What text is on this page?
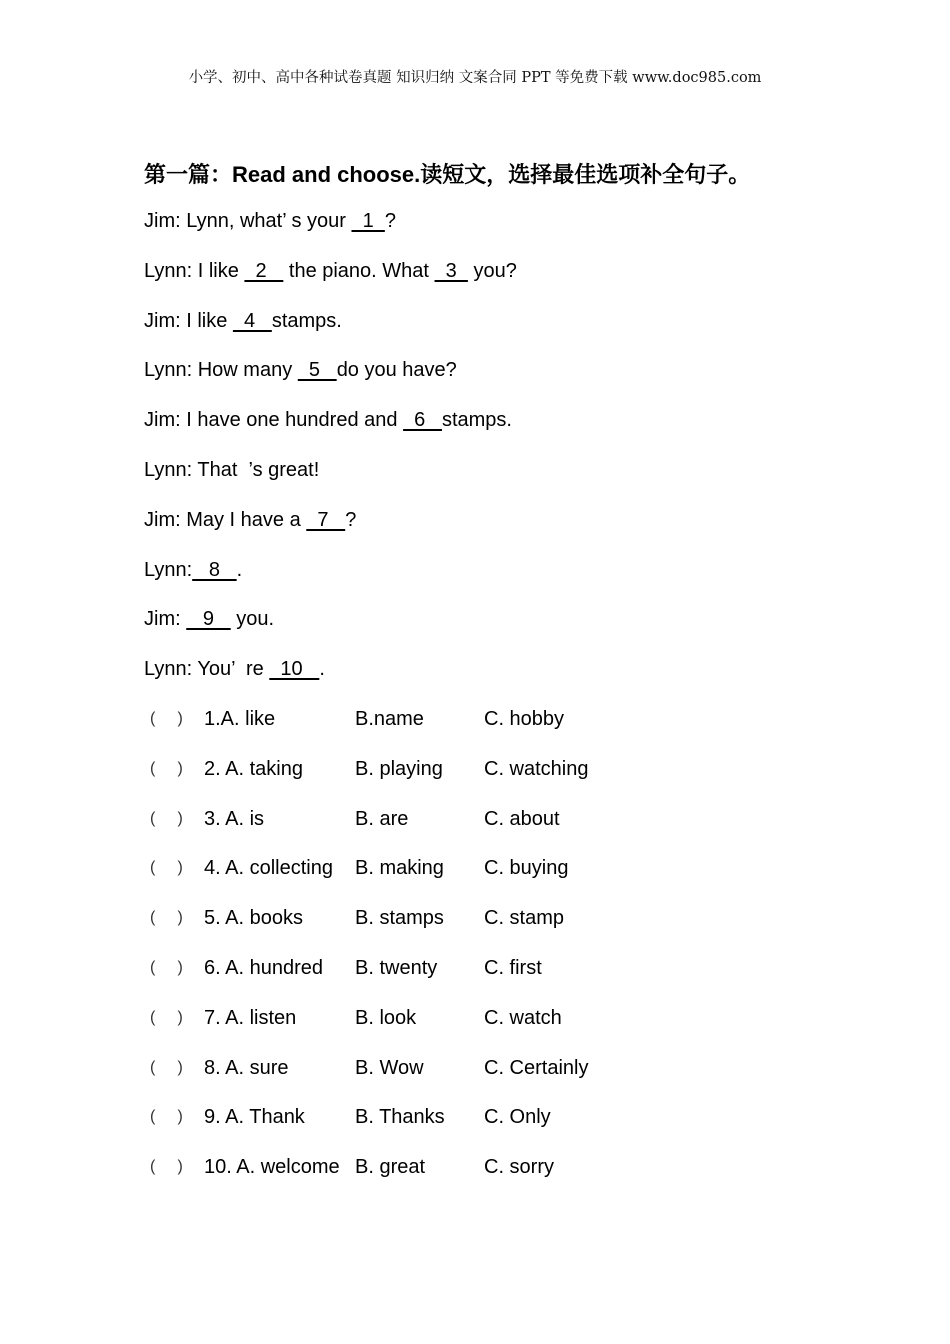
小学、初中、高中各种试卷真题 知识归纳 文案合同 PPT 等免费下载 www.doc985.com
第一篇：Read and choose.读短文，选择最佳选项补全句子。
Jim: Lynn, what’ s your   1  ?
Lynn: I like   2    the piano. What   3   you?
Jim: I like   4   stamps.
Lynn: How many   5   do you have?
Jim: I have one hundred and   6   stamps.
Lynn: That  ’s great!
Jim: May I have a   7   ?
Lynn:   8   .
Jim:    9    you.
Lynn: You’  re   10   .
(     ) 1.A. like	B.name	C. hobby
(     ) 2. A. taking	B. playing C. watching
(     ) 3. A. is	B. are	C. about
(     ) 4. A. collecting B. making C. buying
(     ) 5. A. books	B. stamps C. stamp
(     ) 6. A. hundred B. twenty C. first
(     ) 7. A. listen	B. look	C. watch
(     ) 8. A. sure	B. Wow	C. Certainly
(     ) 9. A. Thank	B. Thanks C. Only
(     ) 10. A. welcome B. great	C. sorry
